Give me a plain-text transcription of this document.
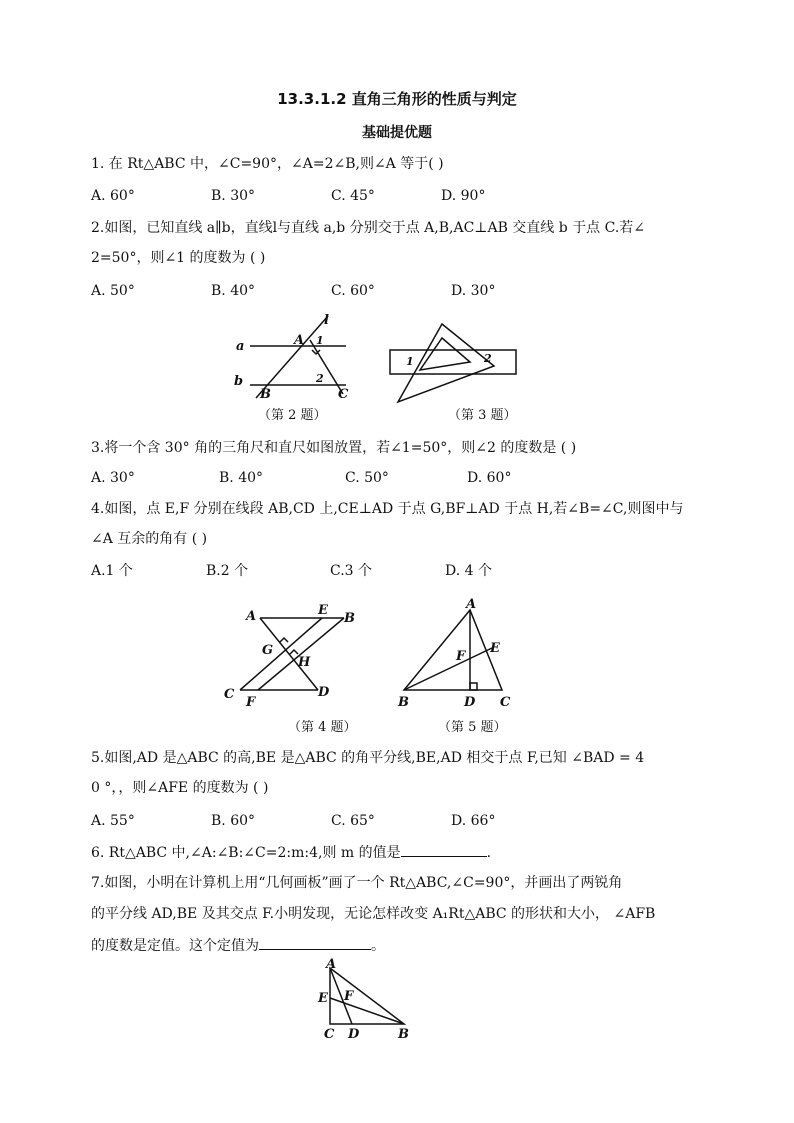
13.3.1.2 直角三角形的性质与判定
基础提优题
1. 在 Rt△ABC 中，∠C=90°，∠A=2∠B,则∠A 等于( )
A. 60°	B. 30°	C. 45°	D. 90°
2.如图，已知直线 a∥b，直线l与直线 a,b 分别交于点 A,B,AC⊥AB 交直线 b 于点 C.若∠
2=50°，则∠1 的度数为 ( )
A. 50°	B. 40°	C. 60°	D. 30°
a
b
l
A
B	C
1
2
（第 2 题）
1	2
（第 3 题）
3.将一个含 30° 角的三角尺和直尺如图放置，若∠1=50°，则∠2 的度数是 ( )
A. 30°	B. 40°	C. 50°	D. 60°
4.如图，点 E,F 分别在线段 AB,CD 上,CE⊥AD 于点 G,BF⊥AD 于点 H,若∠B=∠C,则图中与
∠A 互余的角有 ( )
A.1 个	B.2 个	C.3 个	D. 4 个
A	E
B
G
H
C
F
D
（第 4 题）
A
E
F
B	D C
（第 5 题）
5.如图,AD 是△ABC 的高,BE 是△ABC 的角平分线,BE,AD 相交于点 F,已知 ∠BAD = 4
0 °，，则∠AFE 的度数为 ( )
A. 55°	B. 60°	C. 65°	D. 66°
6. Rt△ABC 中,∠A:∠B:∠C=2:m:4,则 m 的值是	.
7.如图，小明在计算机上用“几何画板”画了一个 Rt△ABC,∠C=90°，并画出了两锐角
的平分线 AD,BE 及其交点 F.小明发现，无论怎样改变 A₁Rt△ABC 的形状和大小， ∠AFB
的度数是定值。这个定值为	。
A
F
E
C D	B
